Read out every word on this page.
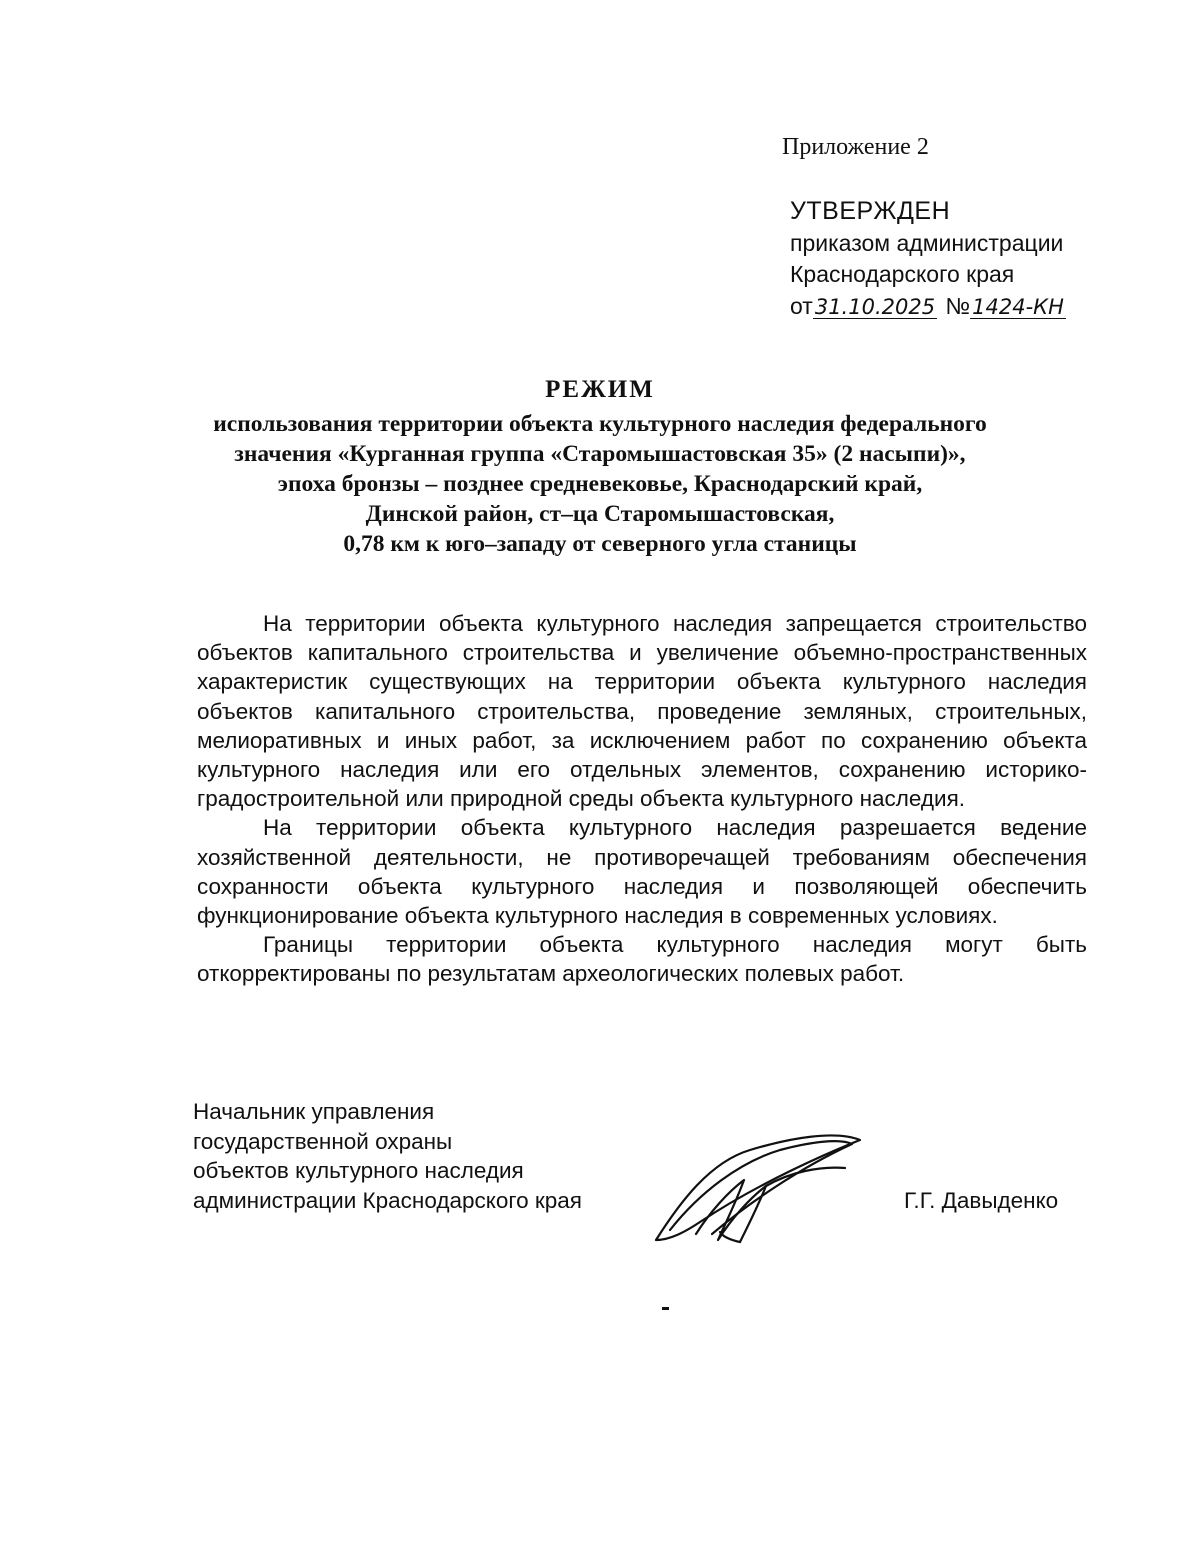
Приложение 2
УТВЕРЖДЕН
приказом администрации
Краснодарского края
от31.10.2025 №1424-КН
РЕЖИМ
использования территории объекта культурного наследия федерального
значения «Курганная группа «Старомышастовская 35» (2 насыпи)»,
эпоха бронзы – позднее средневековье, Краснодарский край,
Динской район, ст–ца Старомышастовская,
0,78 км к юго–западу от северного угла станицы

На территории объекта культурного наследия запрещается строительство объектов капитального строительства и увеличение объемно-пространственных характеристик существующих на территории объекта культурного наследия объектов капитального строительства, проведение земляных, строительных, мелиоративных и иных работ, за исключением работ по сохранению объекта культурного наследия или его отдельных элементов, сохранению историко-градостроительной или природной среды объекта культурного наследия.

На территории объекта культурного наследия разрешается ведение хозяйственной деятельности, не противоречащей требованиям обеспечения сохранности объекта культурного наследия и позволяющей обеспечить функционирование объекта культурного наследия в современных условиях.

Границы территории объекта культурного наследия могут быть откорректированы по результатам археологических полевых работ.

Начальник управления
государственной охраны
объектов культурного наследия
администрации Краснодарского края	Г.Г. Давыденко
